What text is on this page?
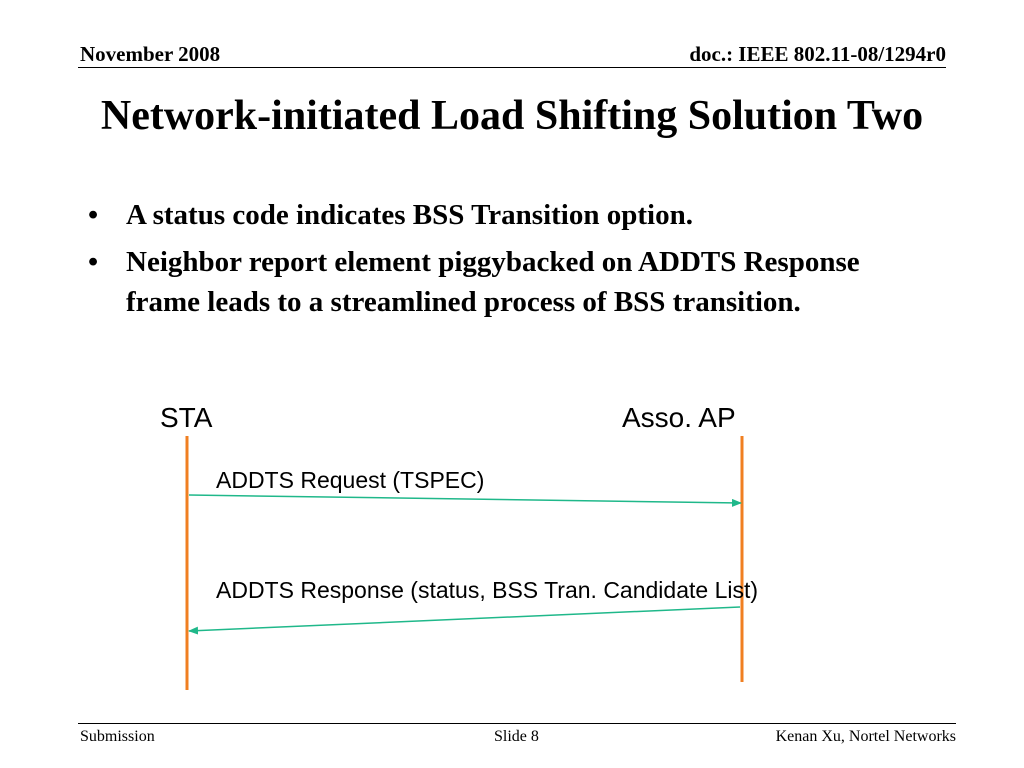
November 2008	doc.: IEEE 802.11-08/1294r0
Network-initiated Load Shifting Solution Two
• A status code indicates BSS Transition option.
• Neighbor report element piggybacked on ADDTS Response frame leads to a streamlined process of BSS transition.
STA	Asso. AP
ADDTS Request (TSPEC)
ADDTS Response (status, BSS Tran. Candidate List)
Submission	Slide 8	Kenan Xu, Nortel Networks
